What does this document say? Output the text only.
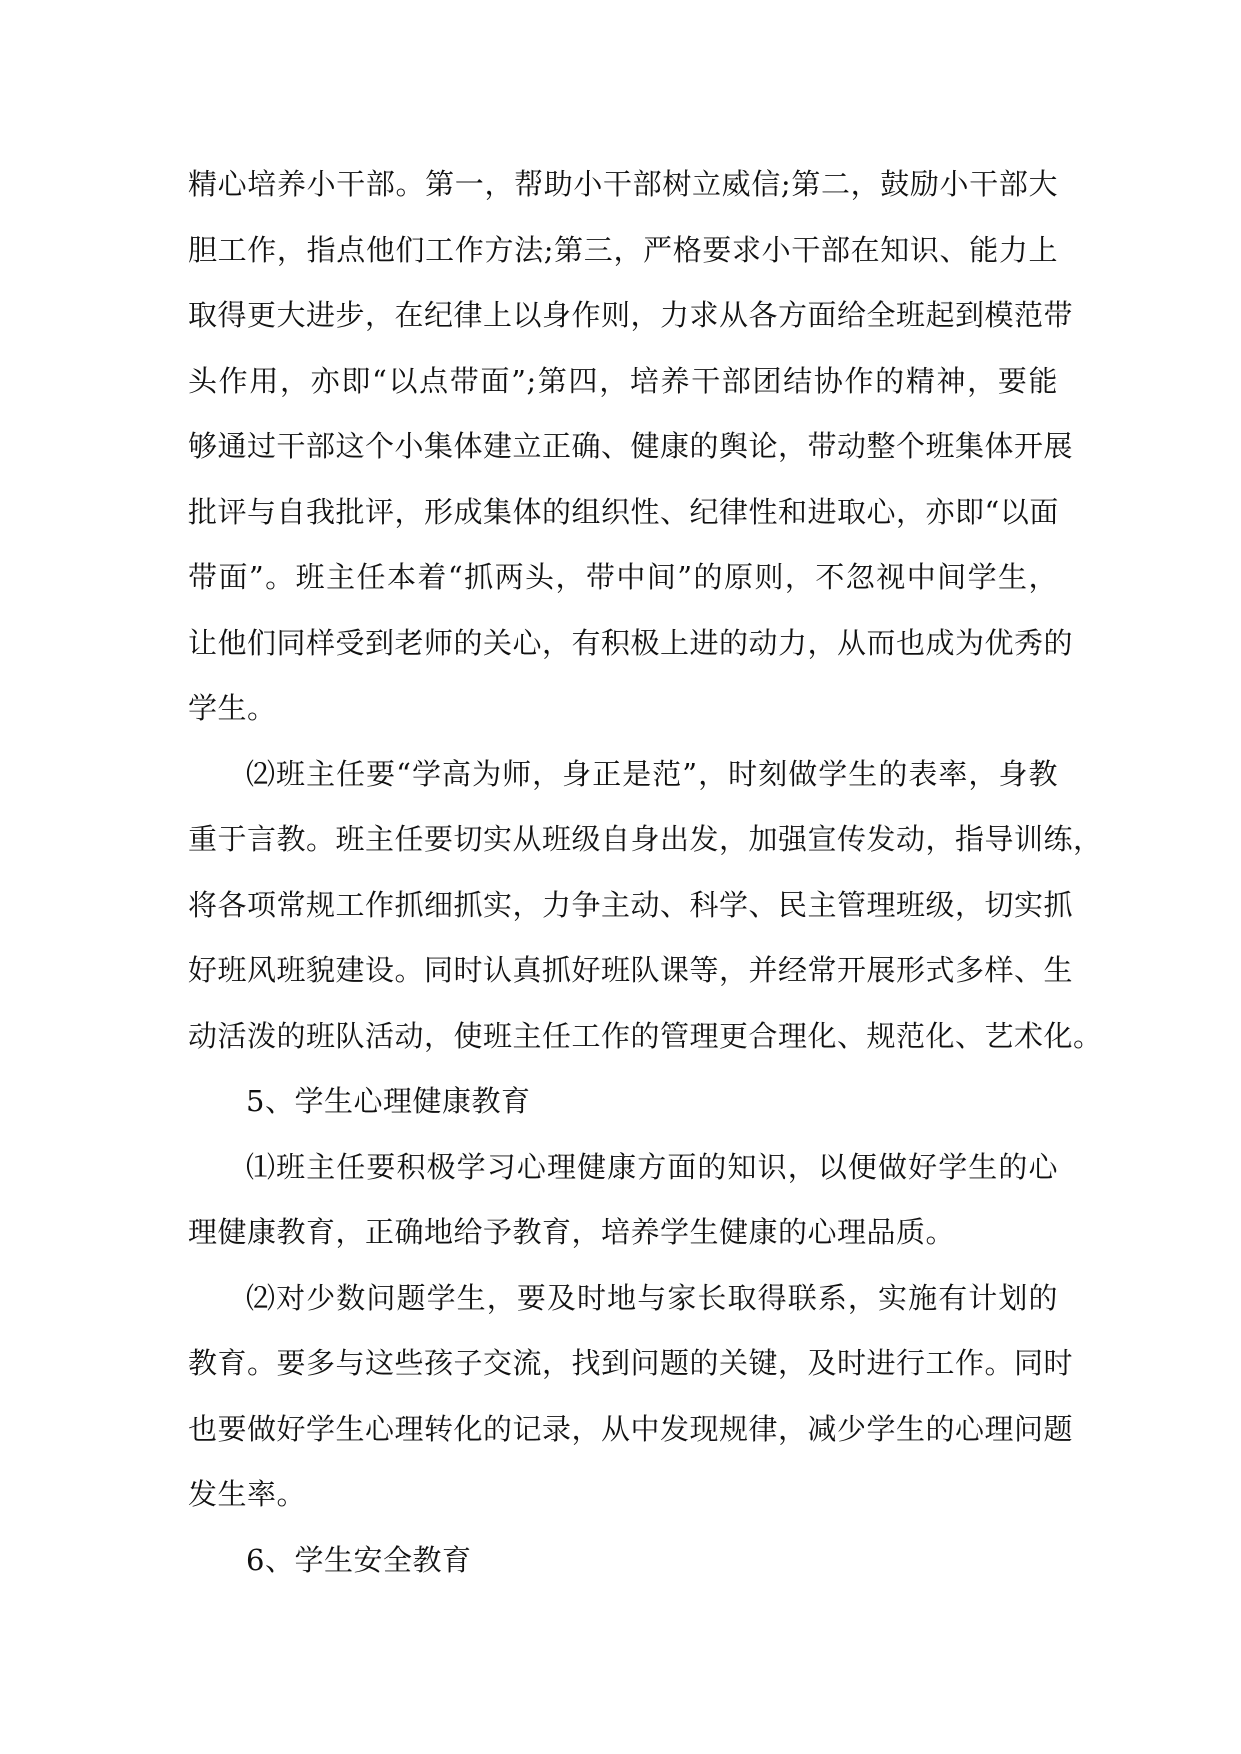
精心培养小干部。第一，帮助小干部树立威信;第二，鼓励小干部大
胆工作，指点他们工作方法;第三，严格要求小干部在知识、能力上
取得更大进步，在纪律上以身作则，力求从各方面给全班起到模范带
头作用，亦即“以点带面”;第四，培养干部团结协作的精神，要能
够通过干部这个小集体建立正确、健康的舆论，带动整个班集体开展
批评与自我批评，形成集体的组织性、纪律性和进取心，亦即“以面
带面”。班主任本着“抓两头，带中间”的原则，不忽视中间学生，
让他们同样受到老师的关心，有积极上进的动力，从而也成为优秀的
学生。
⑵班主任要“学高为师，身正是范”，时刻做学生的表率，身教
重于言教。班主任要切实从班级自身出发，加强宣传发动，指导训练，
将各项常规工作抓细抓实，力争主动、科学、民主管理班级，切实抓
好班风班貌建设。同时认真抓好班队课等，并经常开展形式多样、生
动活泼的班队活动，使班主任工作的管理更合理化、规范化、艺术化。
5、学生心理健康教育
⑴班主任要积极学习心理健康方面的知识，以便做好学生的心
理健康教育，正确地给予教育，培养学生健康的心理品质。
⑵对少数问题学生，要及时地与家长取得联系，实施有计划的
教育。要多与这些孩子交流，找到问题的关键，及时进行工作。同时
也要做好学生心理转化的记录，从中发现规律，减少学生的心理问题
发生率。
6、学生安全教育
